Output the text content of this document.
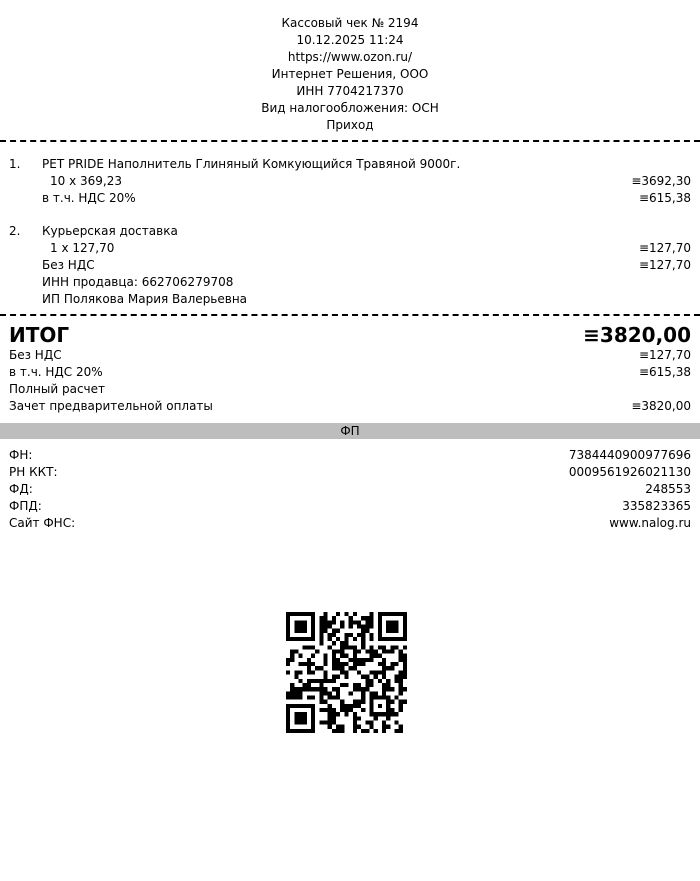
Кассовый чек № 2194
10.12.2025 11:24
https://www.ozon.ru/
Интернет Решения, ООО
ИНН 7704217370
Вид налогообложения: ОСН
Приход
1. PET PRIDE Наполнитель Глиняный Комкующийся Травяной 9000г.
10 x 369,23	≡3692,30
в т.ч. НДС 20%	≡615,38
2. Курьерская доставка
1 x 127,70	≡127,70
Без НДС	≡127,70
ИНН продавца: 662706279708
ИП Полякова Мария Валерьевна
ИТОГ	≡3820,00
Без НДС	≡127,70
в т.ч. НДС 20%	≡615,38
Полный расчет
Зачет предварительной оплаты	≡3820,00
ФП
ФН:	7384440900977696
РН ККТ:	0009561926021130
ФД:	248553
ФПД:	335823365
Сайт ФНС:	www.nalog.ru
